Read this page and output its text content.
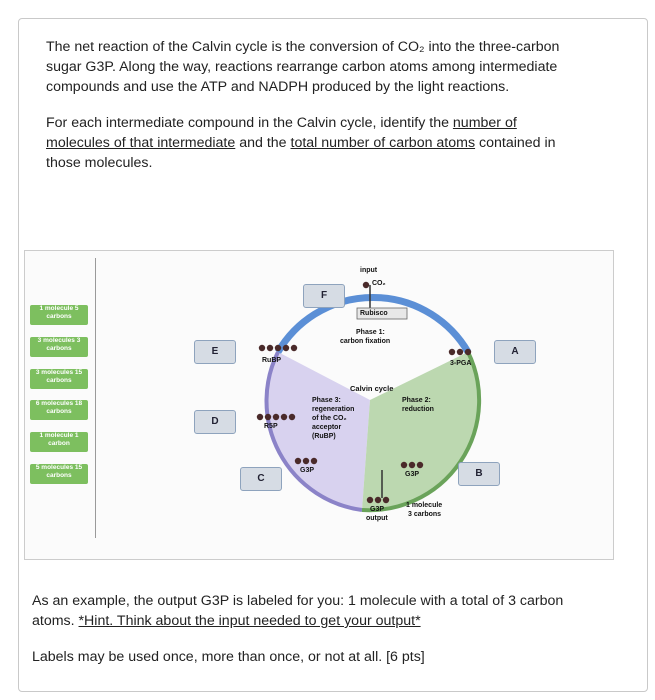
The net reaction of the Calvin cycle is the conversion of CO₂ into the three-carbon
sugar G3P. Along the way, reactions rearrange carbon atoms among intermediate
compounds and use the ATP and NADPH produced by the light reactions.
For each intermediate compound in the Calvin cycle, identify the number of
molecules of that intermediate and the total number of carbon atoms contained in
those molecules.
1 molecule 5 carbons
3 molecules 3 carbons
3 molecules 15 carbons
6 molecules 18 carbons
1 molecule 1 carbon
5 molecules 15 carbons
F
E	A
D
C	B
input
CO₂
Rubisco
Phase 1:
carbon fixation
RuBP	3-PGA
Calvin cycle
Phase 3:
regeneration
of the CO₂
acceptor
(RuBP)
Phase 2:
reduction
R5P
G3P
G3P
G3P
output
1 molecule
3 carbons
As an example, the output G3P is labeled for you: 1 molecule with a total of 3 carbon
atoms. *Hint. Think about the input needed to get your output*
Labels may be used once, more than once, or not at all. [6 pts]
